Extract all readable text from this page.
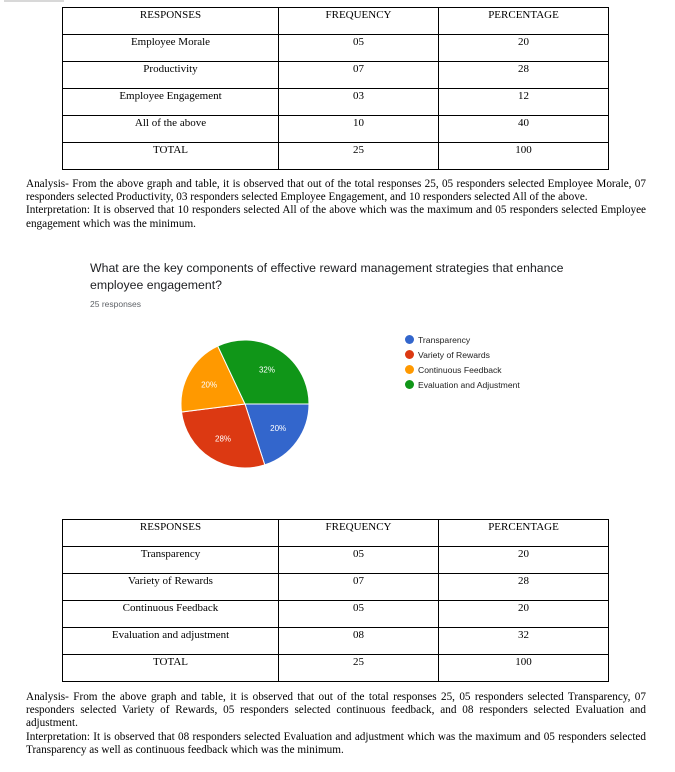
RESPONSES	FREQUENCY	PERCENTAGE
Employee Morale	05	20
Productivity	07	28
Employee Engagement	03	12
All of the above	10	40
TOTAL	25	100

Analysis- From the above graph and table, it is observed that out of the total responses 25, 05 responders selected Employee Morale, 07 responders selected Productivity, 03 responders selected Employee Engagement, and 10 responders selected All of the above.

Interpretation: It is observed that 10 responders selected All of the above which was the maximum and 05 responders selected Employee engagement which was the minimum.

What are the key components of effective reward management strategies that enhance employee engagement?

25 responses
20%
28%
20%
32%
Transparency
Variety of Rewards
Continuous Feedback
Evaluation and Adjustment
RESPONSES	FREQUENCY	PERCENTAGE
Transparency	05	20
Variety of Rewards	07	28
Continuous Feedback	05	20
Evaluation and adjustment	08	32
TOTAL	25	100

Analysis- From the above graph and table, it is observed that out of the total responses 25, 05 responders selected Transparency, 07 responders selected Variety of Rewards, 05 responders selected continuous feedback, and 08 responders selected Evaluation and adjustment.

Interpretation: It is observed that 08 responders selected Evaluation and adjustment which was the maximum and 05 responders selected Transparency as well as continuous feedback which was the minimum.
